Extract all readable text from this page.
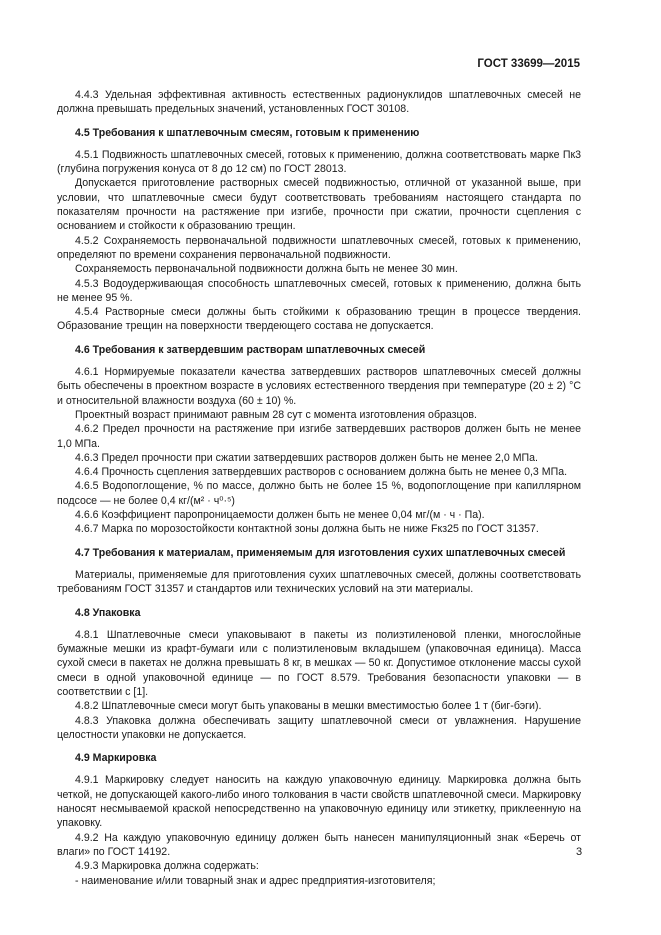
ГОСТ 33699—2015

4.4.3 Удельная эффективная активность естественных радионуклидов шпатлевочных смесей не должна превышать предельных значений, установленных ГОСТ 30108.

4.5 Требования к шпатлевочным смесям, готовым к применению

4.5.1 Подвижность шпатлевочных смесей, готовых к применению, должна соответствовать марке Пк3 (глубина погружения конуса от 8 до 12 см) по ГОСТ 28013.

Допускается приготовление растворных смесей подвижностью, отличной от указанной выше, при условии, что шпатлевочные смеси будут соответствовать требованиям настоящего стандарта по показателям прочности на растяжение при изгибе, прочности при сжатии, прочности сцепления с основанием и стойкости к образованию трещин.

4.5.2 Сохраняемость первоначальной подвижности шпатлевочных смесей, готовых к применению, определяют по времени сохранения первоначальной подвижности.

Сохраняемость первоначальной подвижности должна быть не менее 30 мин.

4.5.3 Водоудерживающая способность шпатлевочных смесей, готовых к применению, должна быть не менее 95 %.

4.5.4 Растворные смеси должны быть стойкими к образованию трещин в процессе твердения. Образование трещин на поверхности твердеющего состава не допускается.

4.6 Требования к затвердевшим растворам шпатлевочных смесей

4.6.1 Нормируемые показатели качества затвердевших растворов шпатлевочных смесей должны быть обеспечены в проектном возрасте в условиях естественного твердения при температуре (20 ± 2) °С и относительной влажности воздуха (60 ± 10) %.

Проектный возраст принимают равным 28 сут с момента изготовления образцов.

4.6.2 Предел прочности на растяжение при изгибе затвердевших растворов должен быть не менее 1,0 МПа.

4.6.3 Предел прочности при сжатии затвердевших растворов должен быть не менее 2,0 МПа.

4.6.4 Прочность сцепления затвердевших растворов с основанием должна быть не менее 0,3 МПа.

4.6.5 Водопоглощение, % по массе, должно быть не более 15 %, водопоглощение при капиллярном подсосе — не более 0,4 кг/(м² · ч⁰·⁵)

4.6.6 Коэффициент паропроницаемости должен быть не менее 0,04 мг/(м · ч · Па).

4.6.7 Марка по морозостойкости контактной зоны должна быть не ниже Fкз25 по ГОСТ 31357.

4.7 Требования к материалам, применяемым для изготовления сухих шпатлевочных смесей

Материалы, применяемые для приготовления сухих шпатлевочных смесей, должны соответствовать требованиям ГОСТ 31357 и стандартов или технических условий на эти материалы.

4.8 Упаковка

4.8.1 Шпатлевочные смеси упаковывают в пакеты из полиэтиленовой пленки, многослойные бумажные мешки из крафт-бумаги или с полиэтиленовым вкладышем (упаковочная единица). Масса сухой смеси в пакетах не должна превышать 8 кг, в мешках — 50 кг. Допустимое отклонение массы сухой смеси в одной упаковочной единице — по ГОСТ 8.579. Требования безопасности упаковки — в соответствии с [1].

4.8.2 Шпатлевочные смеси могут быть упакованы в мешки вместимостью более 1 т (биг-бэги).

4.8.3 Упаковка должна обеспечивать защиту шпатлевочной смеси от увлажнения. Нарушение целостности упаковки не допускается.

4.9 Маркировка

4.9.1 Маркировку следует наносить на каждую упаковочную единицу. Маркировка должна быть четкой, не допускающей какого-либо иного толкования в части свойств шпатлевочной смеси. Маркировку наносят несмываемой краской непосредственно на упаковочную единицу или этикетку, приклеенную на упаковку.

4.9.2 На каждую упаковочную единицу должен быть нанесен манипуляционный знак «Беречь от влаги» по ГОСТ 14192.

4.9.3 Маркировка должна содержать:

- наименование и/или товарный знак и адрес предприятия-изготовителя;

3
